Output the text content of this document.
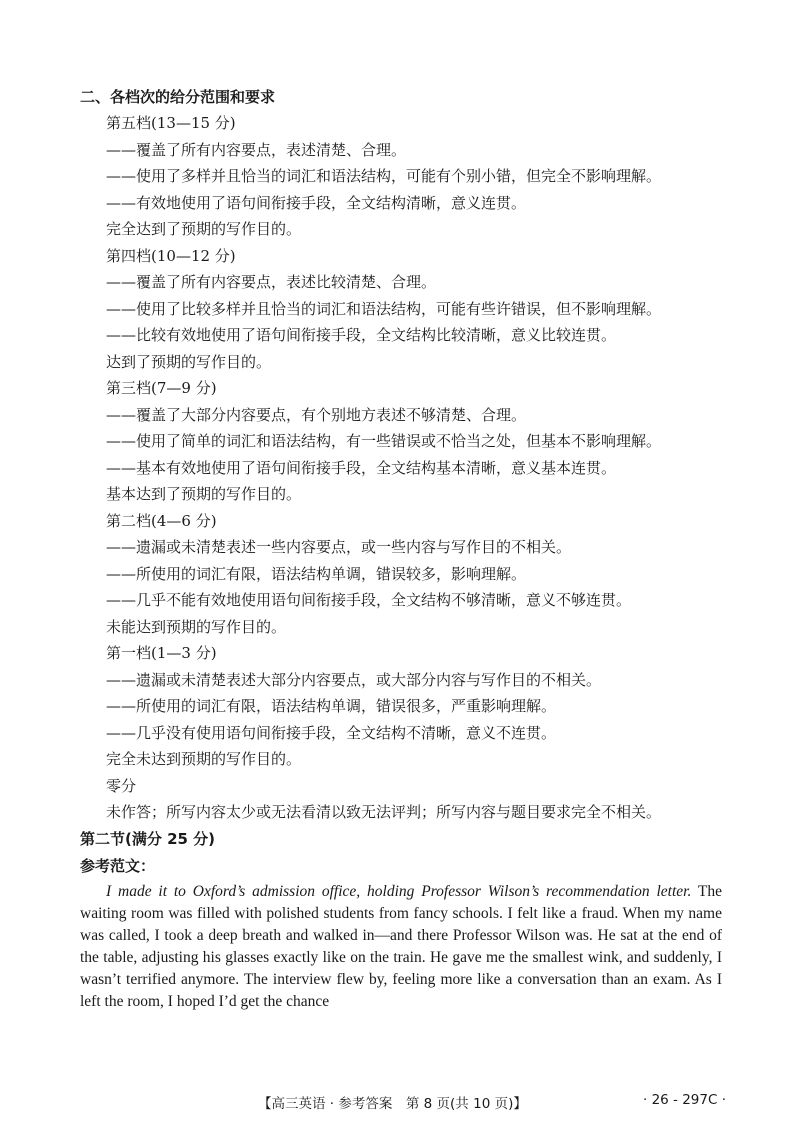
二、各档次的给分范围和要求
第五档(13—15 分)
——覆盖了所有内容要点，表述清楚、合理。
——使用了多样并且恰当的词汇和语法结构，可能有个别小错，但完全不影响理解。
——有效地使用了语句间衔接手段，全文结构清晰，意义连贯。
完全达到了预期的写作目的。
第四档(10—12 分)
——覆盖了所有内容要点，表述比较清楚、合理。
——使用了比较多样并且恰当的词汇和语法结构，可能有些许错误，但不影响理解。
——比较有效地使用了语句间衔接手段，全文结构比较清晰，意义比较连贯。
达到了预期的写作目的。
第三档(7—9 分)
——覆盖了大部分内容要点，有个别地方表述不够清楚、合理。
——使用了简单的词汇和语法结构，有一些错误或不恰当之处，但基本不影响理解。
——基本有效地使用了语句间衔接手段，全文结构基本清晰，意义基本连贯。
基本达到了预期的写作目的。
第二档(4—6 分)
——遗漏或未清楚表述一些内容要点，或一些内容与写作目的不相关。
——所使用的词汇有限，语法结构单调，错误较多，影响理解。
——几乎不能有效地使用语句间衔接手段，全文结构不够清晰，意义不够连贯。
未能达到预期的写作目的。
第一档(1—3 分)
——遗漏或未清楚表述大部分内容要点，或大部分内容与写作目的不相关。
——所使用的词汇有限，语法结构单调，错误很多，严重影响理解。
——几乎没有使用语句间衔接手段，全文结构不清晰，意义不连贯。
完全未达到预期的写作目的。
零分
未作答；所写内容太少或无法看清以致无法评判；所写内容与题目要求完全不相关。
第二节(满分 25 分)
参考范文：
I made it to Oxford’s admission office, holding Professor Wilson’s recommendation letter. The waiting room was filled with polished students from fancy schools. I felt like a fraud. When my name was called, I took a deep breath and walked in—and there Professor Wilson was. He sat at the end of the table, adjusting his glasses exactly like on the train. He gave me the smallest wink, and suddenly, I wasn’t terrified anymore. The interview flew by, feeling more like a conversation than an exam. As I left the room, I hoped I’d get the chance
【高三英语 · 参考答案　第 8 页(共 10 页)】	· 26 - 297C ·
